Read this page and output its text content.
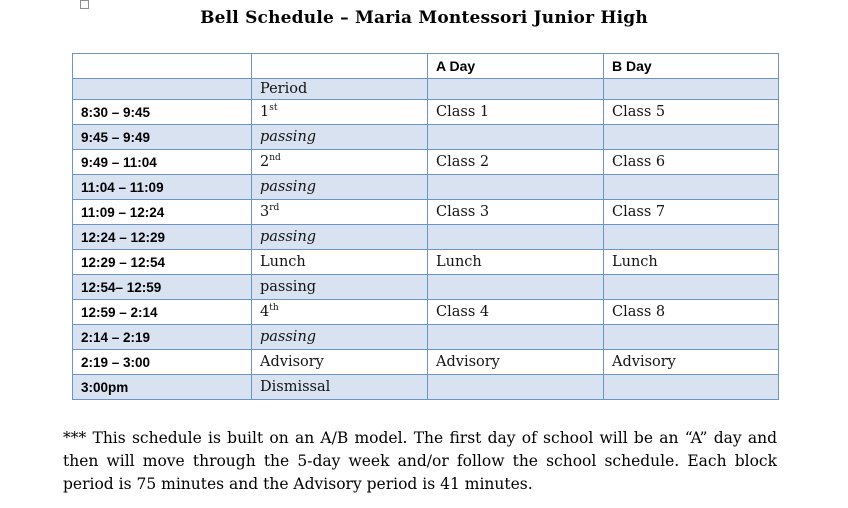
Bell Schedule – Maria Montessori Junior High
		A Day	B Day
	Period		
8:30 – 9:45	1st	Class 1	Class 5
9:45 – 9:49	passing		
9:49 – 11:04	2nd	Class 2	Class 6
11:04 – 11:09	passing		
11:09 – 12:24	3rd	Class 3	Class 7
12:24 – 12:29	passing		
12:29 – 12:54	Lunch	Lunch	Lunch
12:54– 12:59	passing		
12:59 – 2:14	4th	Class 4	Class 8
2:14 – 2:19	passing		
2:19 – 3:00	Advisory	Advisory	Advisory
3:00pm	Dismissal		

*** This schedule is built on an A/B model. The first day of school will be an “A” day and then will move through the 5-day week and/or follow the school schedule. Each block period is 75 minutes and the Advisory period is 41 minutes.
